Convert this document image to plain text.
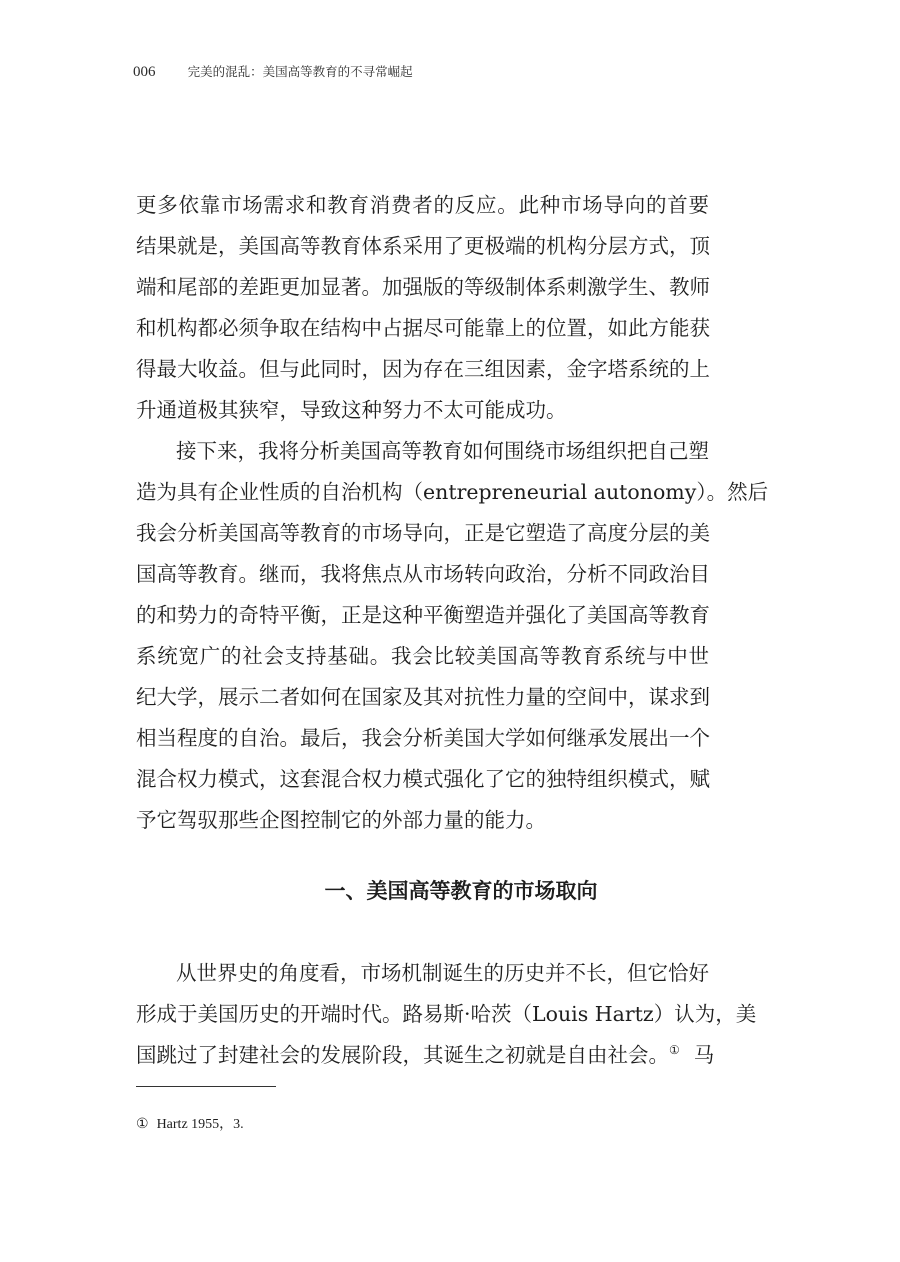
006	完美的混乱：美国高等教育的不寻常崛起
更多依靠市场需求和教育消费者的反应。此种市场导向的首要
结果就是，美国高等教育体系采用了更极端的机构分层方式，顶
端和尾部的差距更加显著。加强版的等级制体系刺激学生、教师
和机构都必须争取在结构中占据尽可能靠上的位置，如此方能获
得最大收益。但与此同时，因为存在三组因素，金字塔系统的上
升通道极其狭窄，导致这种努力不太可能成功。
接下来，我将分析美国高等教育如何围绕市场组织把自己塑
造为具有企业性质的自治机构（entrepreneurial autonomy）。然后
我会分析美国高等教育的市场导向，正是它塑造了高度分层的美
国高等教育。继而，我将焦点从市场转向政治，分析不同政治目
的和势力的奇特平衡，正是这种平衡塑造并强化了美国高等教育
系统宽广的社会支持基础。我会比较美国高等教育系统与中世
纪大学，展示二者如何在国家及其对抗性力量的空间中，谋求到
相当程度的自治。最后，我会分析美国大学如何继承发展出一个
混合权力模式，这套混合权力模式强化了它的独特组织模式，赋
予它驾驭那些企图控制它的外部力量的能力。
一、美国高等教育的市场取向
从世界史的角度看，市场机制诞生的历史并不长，但它恰好
形成于美国历史的开端时代。路易斯·哈茨（Louis Hartz）认为，美
国跳过了封建社会的发展阶段，其诞生之初就是自由社会。① 马
① Hartz 1955，3.
